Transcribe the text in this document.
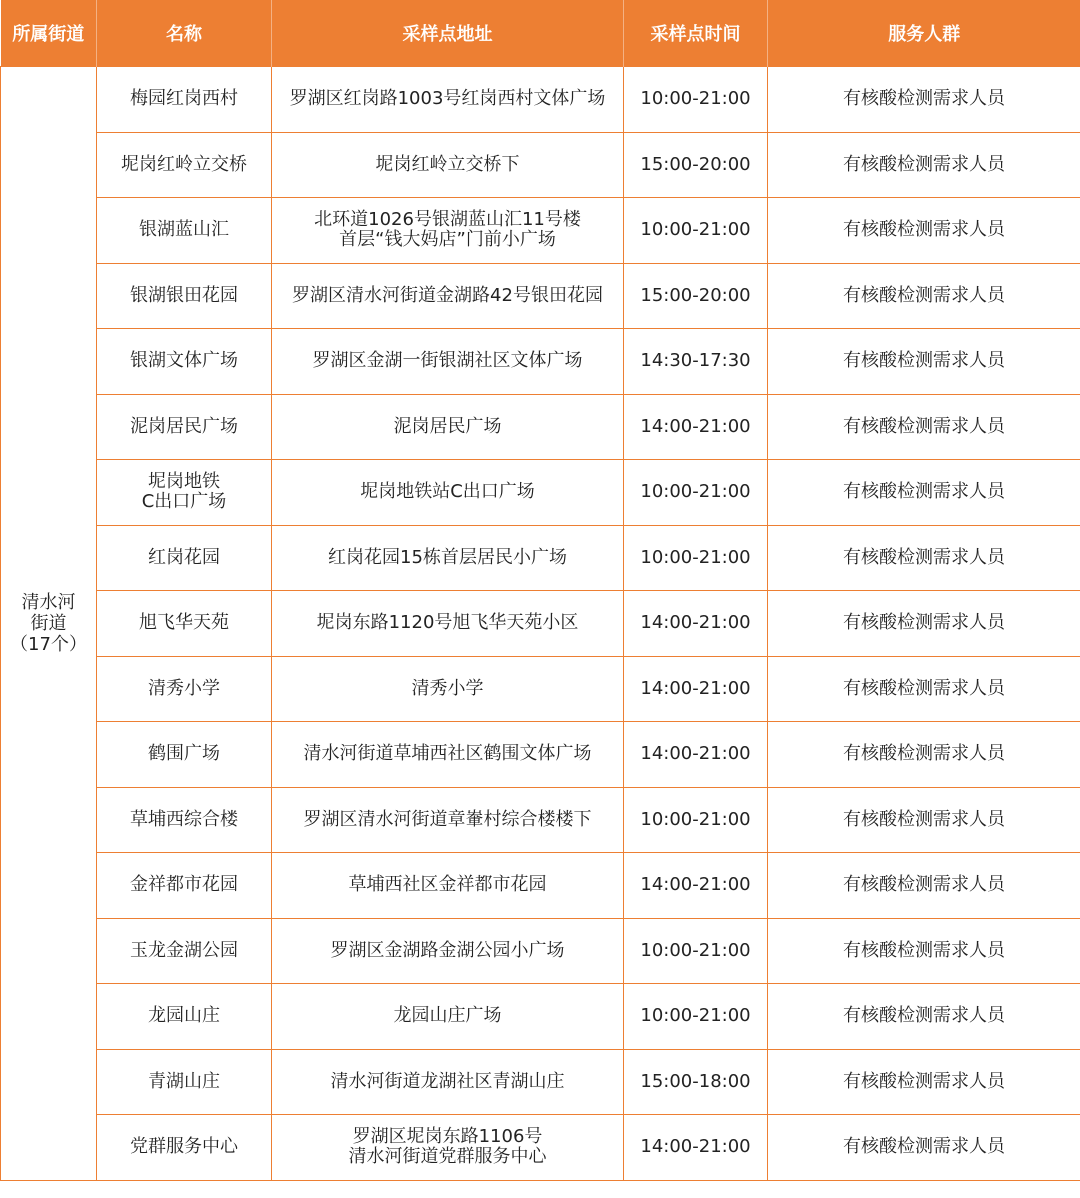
所属街道	名称	采样点地址	采样点时间	服务人群

清水河
街道
（17个）	梅园红岗西村	罗湖区红岗路1003号红岗西村文体广场	10:00-21:00	有核酸检测需求人员
	坭岗红岭立交桥	坭岗红岭立交桥下	15:00-20:00	有核酸检测需求人员
	银湖蓝山汇	北环道1026号银湖蓝山汇11号楼
首层“钱大妈店”门前小广场	10:00-21:00	有核酸检测需求人员
	银湖银田花园	罗湖区清水河街道金湖路42号银田花园	15:00-20:00	有核酸检测需求人员
	银湖文体广场	罗湖区金湖一街银湖社区文体广场	14:30-17:30	有核酸检测需求人员
	泥岗居民广场	泥岗居民广场	14:00-21:00	有核酸检测需求人员

	坭岗地铁
C出口广场	坭岗地铁站C出口广场	10:00-21:00	有核酸检测需求人员
	红岗花园	红岗花园15栋首层居民小广场	10:00-21:00	有核酸检测需求人员
	旭飞华天苑	坭岗东路1120号旭飞华天苑小区	14:00-21:00	有核酸检测需求人员
	清秀小学	清秀小学	14:00-21:00	有核酸检测需求人员
	鹤围广场	清水河街道草埔西社区鹤围文体广场	14:00-21:00	有核酸检测需求人员
	草埔西综合楼	罗湖区清水河街道章輋村综合楼楼下	10:00-21:00	有核酸检测需求人员
	金祥都市花园	草埔西社区金祥都市花园	14:00-21:00	有核酸检测需求人员
	玉龙金湖公园	罗湖区金湖路金湖公园小广场	10:00-21:00	有核酸检测需求人员
	龙园山庄	龙园山庄广场	10:00-21:00	有核酸检测需求人员
	青湖山庄	清水河街道龙湖社区青湖山庄	15:00-18:00	有核酸检测需求人员
	党群服务中心	罗湖区坭岗东路1106号
清水河街道党群服务中心	14:00-21:00	有核酸检测需求人员
